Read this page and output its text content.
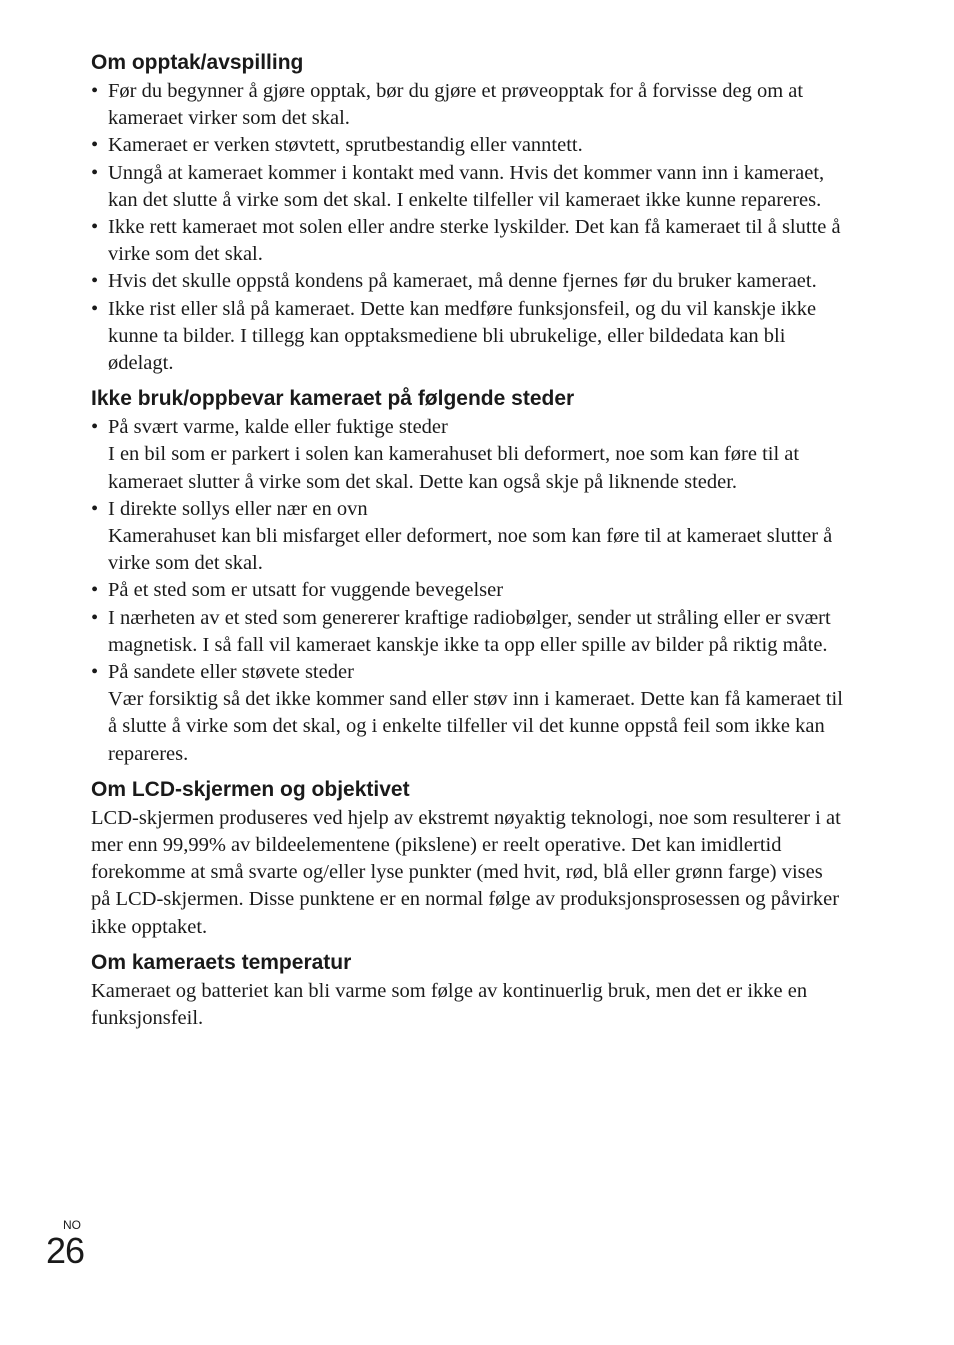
Om opptak/avspilling
• Før du begynner å gjøre opptak, bør du gjøre et prøveopptak for å forvisse deg om at kameraet virker som det skal.
• Kameraet er verken støvtett, sprutbestandig eller vanntett.
• Unngå at kameraet kommer i kontakt med vann. Hvis det kommer vann inn i kameraet, kan det slutte å virke som det skal. I enkelte tilfeller vil kameraet ikke kunne repareres.
• Ikke rett kameraet mot solen eller andre sterke lyskilder. Det kan få kameraet til å slutte å virke som det skal.
• Hvis det skulle oppstå kondens på kameraet, må denne fjernes før du bruker kameraet.
• Ikke rist eller slå på kameraet. Dette kan medføre funksjonsfeil, og du vil kanskje ikke kunne ta bilder. I tillegg kan opptaksmediene bli ubrukelige, eller bildedata kan bli ødelagt.
Ikke bruk/oppbevar kameraet på følgende steder
• På svært varme, kalde eller fuktige steder
I en bil som er parkert i solen kan kamerahuset bli deformert, noe som kan føre til at kameraet slutter å virke som det skal. Dette kan også skje på liknende steder.
• I direkte sollys eller nær en ovn
Kamerahuset kan bli misfarget eller deformert, noe som kan føre til at kameraet slutter å virke som det skal.
• På et sted som er utsatt for vuggende bevegelser
• I nærheten av et sted som genererer kraftige radiobølger, sender ut stråling eller er svært magnetisk. I så fall vil kameraet kanskje ikke ta opp eller spille av bilder på riktig måte.
• På sandete eller støvete steder
Vær forsiktig så det ikke kommer sand eller støv inn i kameraet. Dette kan få kameraet til å slutte å virke som det skal, og i enkelte tilfeller vil det kunne oppstå feil som ikke kan repareres.
Om LCD-skjermen og objektivet

LCD-skjermen produseres ved hjelp av ekstremt nøyaktig teknologi, noe som resulterer i at mer enn 99,99% av bildeelementene (pikslene) er reelt operative. Det kan imidlertid forekomme at små svarte og/eller lyse punkter (med hvit, rød, blå eller grønn farge) vises på LCD-skjermen. Disse punktene er en normal følge av produksjonsprosessen og påvirker ikke opptaket.

Om kameraets temperatur

Kameraet og batteriet kan bli varme som følge av kontinuerlig bruk, men det er ikke en funksjonsfeil.

NO
26
